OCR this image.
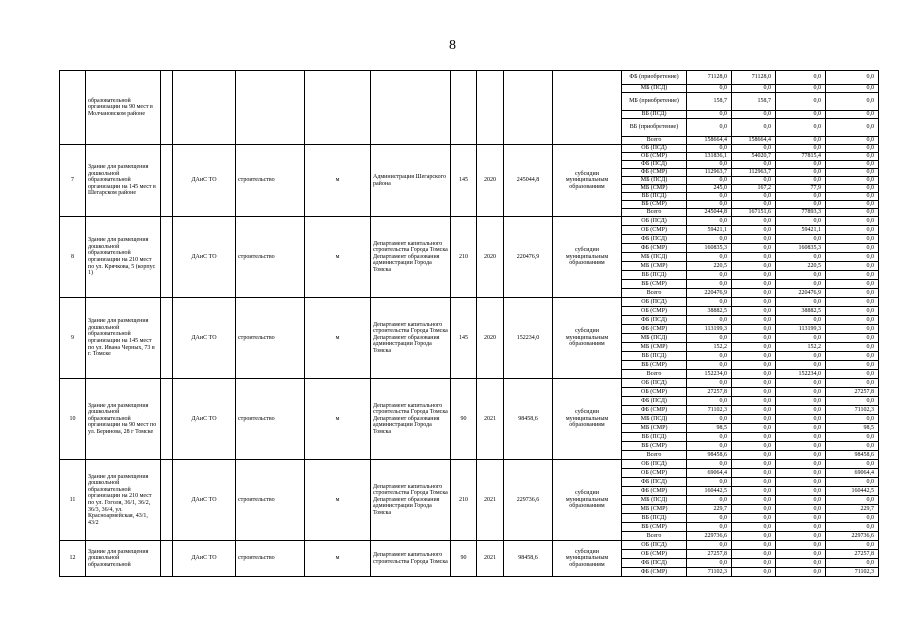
8
	образовательной организации на 90 мест в Молчановском районе										ФБ (приобретение)	71128,0	71128,0	0,0	0,0
											МБ (ПСД)	0,0	0,0	0,0	0,0
											МБ (приобретение)	158,7	158,7	0,0	0,0
											ВБ (ПСД)	0,0	0,0	0,0	0,0
											ВБ (приобретение)	0,0	0,0	0,0	0,0
											Всего	158664,4	158664,4	0,0	0,0
7	Здание для размещения дошкольной образовательной организации на 145 мест в Шегарском районе		ДАиС ТО	строительство	м	Администрация Шегарского района	145	2020	245044,8	субсидии муниципальным образованиям	ОБ (ПСД)	0,0	0,0	0,0	0,0
											ОБ (СМР)	131836,1	54020,7	77815,4	0,0
											ФБ (ПСД)	0,0	0,0	0,0	0,0
											ФБ (СМР)	112963,7	112963,7	0,0	0,0
											МБ (ПСД)	0,0	0,0	0,0	0,0
											МБ (СМР)	245,0	167,2	77,9	0,0
											ВБ (ПСД)	0,0	0,0	0,0	0,0
											ВБ (СМР)	0,0	0,0	0,0	0,0
											Всего	245044,8	167151,6	77893,3	0,0
8	Здание для размещения дошкольной образовательной организации на 210 мест по ул. Крячкова, 5 (корпус 1)		ДАиС ТО	строительство	м	Департамент капитального строительства Города Томска Департамент образования администрации Города Томска	210	2020	220476,9	субсидии муниципальным образованиям	ОБ (ПСД)	0,0	0,0	0,0	0,0
											ОБ (СМР)	59421,1	0,0	59421,1	0,0
											ФБ (ПСД)	0,0	0,0	0,0	0,0
											ФБ (СМР)	160835,3	0,0	160835,3	0,0
											МБ (ПСД)	0,0	0,0	0,0	0,0
											МБ (СМР)	220,5	0,0	220,5	0,0
											ВБ (ПСД)	0,0	0,0	0,0	0,0
											ВБ (СМР)	0,0	0,0	0,0	0,0
											Всего	220476,9	0,0	220476,9	0,0
9	Здание для размещения дошкольной образовательной организации на 145 мест по ул. Ивана Черных, 73 в г. Томске		ДАиС ТО	строительство	м	Департамент капитального строительства Города Томска Департамент образования администрации Города Томска	145	2020	152234,0	субсидии муниципальным образованиям	ОБ (ПСД)	0,0	0,0	0,0	0,0
											ОБ (СМР)	38882,5	0,0	38882,5	0,0
											ФБ (ПСД)	0,0	0,0	0,0	0,0
											ФБ (СМР)	113199,3	0,0	113199,3	0,0
											МБ (ПСД)	0,0	0,0	0,0	0,0
											МБ (СМР)	152,2	0,0	152,2	0,0
											ВБ (ПСД)	0,0	0,0	0,0	0,0
											ВБ (СМР)	0,0	0,0	0,0	0,0
											Всего	152234,0	0,0	152234,0	0,0
10	Здание для размещения дошкольной образовательной организации на 90 мест по ул. Беринова, 28 г Томске		ДАиС ТО	строительство	м	Департамент капитального строительства Города Томска Департамент образования администрации Города Томска	90	2021	98458,6	субсидии муниципальным образованиям	ОБ (ПСД)	0,0	0,0	0,0	0,0
											ОБ (СМР)	27257,8	0,0	0,0	27257,8
											ФБ (ПСД)	0,0	0,0	0,0	0,0
											ФБ (СМР)	71102,3	0,0	0,0	71102,3
											МБ (ПСД)	0,0	0,0	0,0	0,0
											МБ (СМР)	98,5	0,0	0,0	98,5
											ВБ (ПСД)	0,0	0,0	0,0	0,0
											ВБ (СМР)	0,0	0,0	0,0	0,0
											Всего	98458,6	0,0	0,0	98458,6
11	Здание для размещения дошкольной образовательной организации на 210 мест по ул. Гоголя, 36/1, 36/2, 36/3, 36/4, ул. Красноармейская, 43/1, 43/2		ДАиС ТО	строительство	м	Департамент капитального строительства Города Томска Департамент образования администрации Города Томска	210	2021	229736,6	субсидии муниципальным образованиям	ОБ (ПСД)	0,0	0,0	0,0	0,0
											ОБ (СМР)	69064,4	0,0	0,0	69064,4
											ФБ (ПСД)	0,0	0,0	0,0	0,0
											ФБ (СМР)	160442,5	0,0	0,0	160442,5
											МБ (ПСД)	0,0	0,0	0,0	0,0
											МБ (СМР)	229,7	0,0	0,0	229,7
											ВБ (ПСД)	0,0	0,0	0,0	0,0
											ВБ (СМР)	0,0	0,0	0,0	0,0
											Всего	229736,6	0,0	0,0	229736,6
12	Здание для размещения дошкольной образовательной		ДАиС ТО	строительство	м	Департамент капитального строительства Города Томска	90	2021	98458,6	субсидии муниципальным образованиям	ОБ (ПСД)	0,0	0,0	0,0	0,0
											ОБ (СМР)	27257,8	0,0	0,0	27257,8
											ФБ (ПСД)	0,0	0,0	0,0	0,0
											ФБ (СМР)	71102,3	0,0	0,0	71102,3
